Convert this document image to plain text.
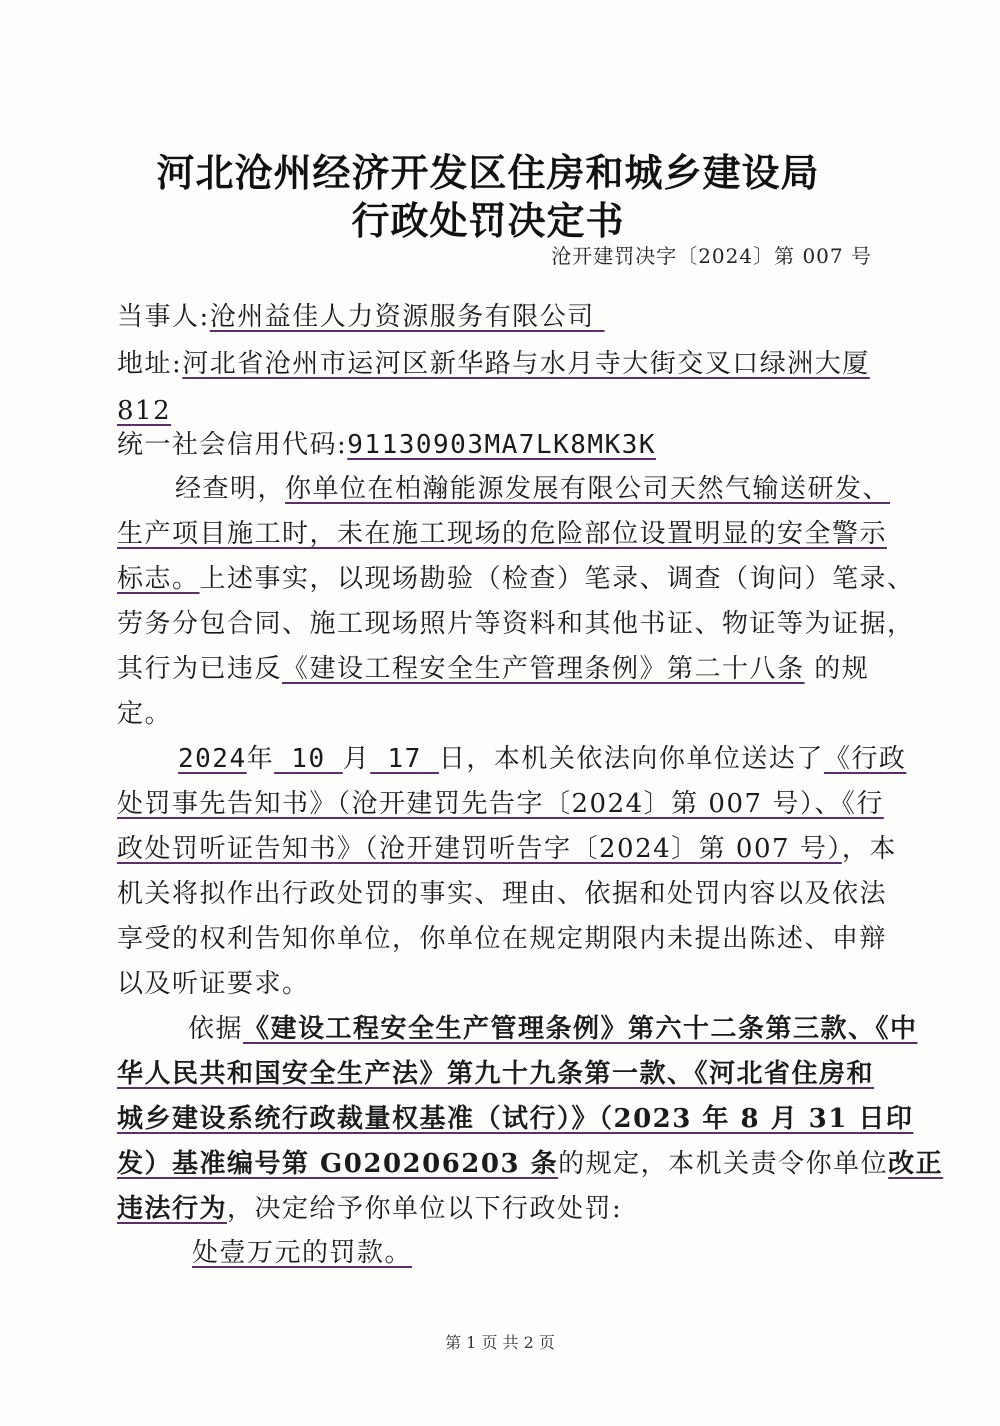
河北沧州经济开发区住房和城乡建设局
行政处罚决定书
沧开建罚决字〔2024〕第 007 号
当事人:沧州益佳人力资源服务有限公司
地址:河北省沧州市运河区新华路与水月寺大街交叉口绿洲大厦
812
统一社会信用代码:91130903MA7LK8MK3K
经查明，你单位在柏瀚能源发展有限公司天然气输送研发、
生产项目施工时，未在施工现场的危险部位设置明显的安全警示
标志。上述事实，以现场勘验（检查）笔录、调查（询问）笔录、
劳务分包合同、施工现场照片等资料和其他书证、物证等为证据，
其行为已违反《建设工程安全生产管理条例》第二十八条 的规
定。
2024年 10 月 17 日，本机关依法向你单位送达了《行政
处罚事先告知书》（沧开建罚先告字〔2024〕第 007 号）、《行
政处罚听证告知书》（沧开建罚听告字〔2024〕第 007 号），本
机关将拟作出行政处罚的事实、理由、依据和处罚内容以及依法
享受的权利告知你单位，你单位在规定期限内未提出陈述、申辩
以及听证要求。
依据《建设工程安全生产管理条例》第六十二条第三款、《中
华人民共和国安全生产法》第九十九条第一款、《河北省住房和
城乡建设系统行政裁量权基准（试行）》（2023 年 8 月 31 日印
发）基准编号第 G020206203 条的规定，本机关责令你单位改正
违法行为，决定给予你单位以下行政处罚:
处壹万元的罚款。
第 1 页 共 2 页
